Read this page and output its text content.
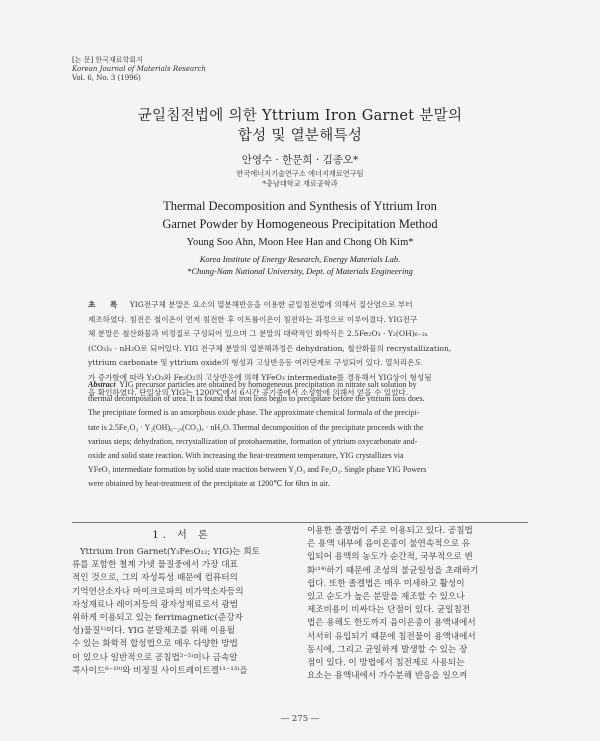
[논 문] 한국재료학회지
Korean Journal of Materials Research
Vol. 6, No. 3 (1996)
균일침전법에 의한 Yttrium Iron Garnet 분말의
합성 및 열분해특성
안영수 · 한문희 · 김종오*
한국에너지기술연구소 에너지재료연구팀
*충남대학교 재료공학과
Thermal Decomposition and Synthesis of Yttrium Iron
Garnet Powder by Homogeneous Precipitation Method
Young Soo Ahn, Moon Hee Han and Chong Oh Kim*
Korea Institute of Energy Research, Energy Materials Lab.
*Chung-Nam National University, Dept. of Materials Engineering
초 록 YIG전구체 분말은 요소의 열분해반응을 이용한 균일침전법에 의해서 질산염으로 부터
제조하였다. 침전은 철이온이 먼저 침전한 후 이트륨이온이 침전하는 과정으로 이루어졌다. YIG전구
체 분말은 철산화물과 비정질로 구성되어 있으며 그 분말의 대략적인 화학식은 2.5Fe₂O₃ · Y₂(OH)₆₋₂ₓ
(CO₃)ₓ · nH₂O로 되어있다. YIG 전구체 분말의 열분해과정은 dehydration, 철산화물의 recrystallization,
yttrium carbonate 및 yttrium oxide의 형성과 고상반응등 여러단계로 구성되어 있다. 열처리온도
가 증가함에 따라 Y₂O₃와 Fe₂O₃의 고상반응에 의해 YFeO₃ intermediate를 경유해서 YIG상이 형성됨
을 확인하였다. 단일상의 YIG는 1200℃에서 6시간 공기중에서 소성함에 의해서 얻을 수 있었다.
Abstract YIG precursor particles are obtained by homogeneous precipitation in nitrate salt solution by
thermal decomposition of urea. It is found that iron ions begin to precipitate before the yttrium ions does.
The precipitate formed is an amorphous oxide phase. The approximate chemical formula of the precipi-
tate is 2.5Fe₂O₃ · Y₂(OH)₆₋₂ₓ(CO₃)ₓ · nH₂O. Thermal decomposition of the precipitate proceeds with the
various steps; dehydration, recrystallization of protohaematite, formation of yttrium oxycarbonate and-
oxide and solid state reaction. With increasing the heat-treatment temperature, YIG crystallizes via
YFeO₃ intermediate formation by solid state reaction between Y₂O₃ and Fe₂O₃. Single phase YIG Powers
were obtained by heat-treatment of the precipitate at 1200℃ for 6hrs in air.
1. 서 론
Yttrium Iron Garnet(Y₃Fe₅O₁₂; YIG)는 희토
류를 포함한 철계 가넷 물질중에서 가장 대표
적인 것으로, 그의 자성특성 때문에 컴퓨터의
기억연산소자나 마이크로파의 비가역소자등의
자성재료나 레이저등의 광자성재료로서 광범
위하게 이용되고 있는 ferrimagnetic(준강자
성)물질¹⁾이다. YIG 분말제조를 위해 이용될
수 있는 화학적 합성법으로 매우 다양한 방법
이 있으나 일반적으로 공침법²⁻⁵⁾이나 금속알
콕사이드⁶⁻¹⁰⁾와 비정질 사이트레이트겔¹¹⁻¹³⁾을
이용한 졸겔법이 주로 이용되고 있다. 공침법
은 용액 내부에 음이온종이 불연속적으로 유
입되어 용액의 농도가 순간적, 국부적으로 변
화⁽¹⁴⁾하기 때문에 조성의 불균일성을 초래하기
쉽다. 또한 졸겔법은 매우 미세하고 활성이
있고 순도가 높은 분말을 제조할 수 있으나
제조비용이 비싸다는 단점이 있다. 균일침전
법은 용해도 한도까지 음이온종이 용액내에서
서서히 유입되기 때문에 침전물이 용액내에서
동시에, 그리고 균일하게 발생할 수 있는 장
점이 있다. 이 방법에서 침전제로 사용되는
요소는 용액내에서 가수분해 반응을 일으켜
― 275 ―
